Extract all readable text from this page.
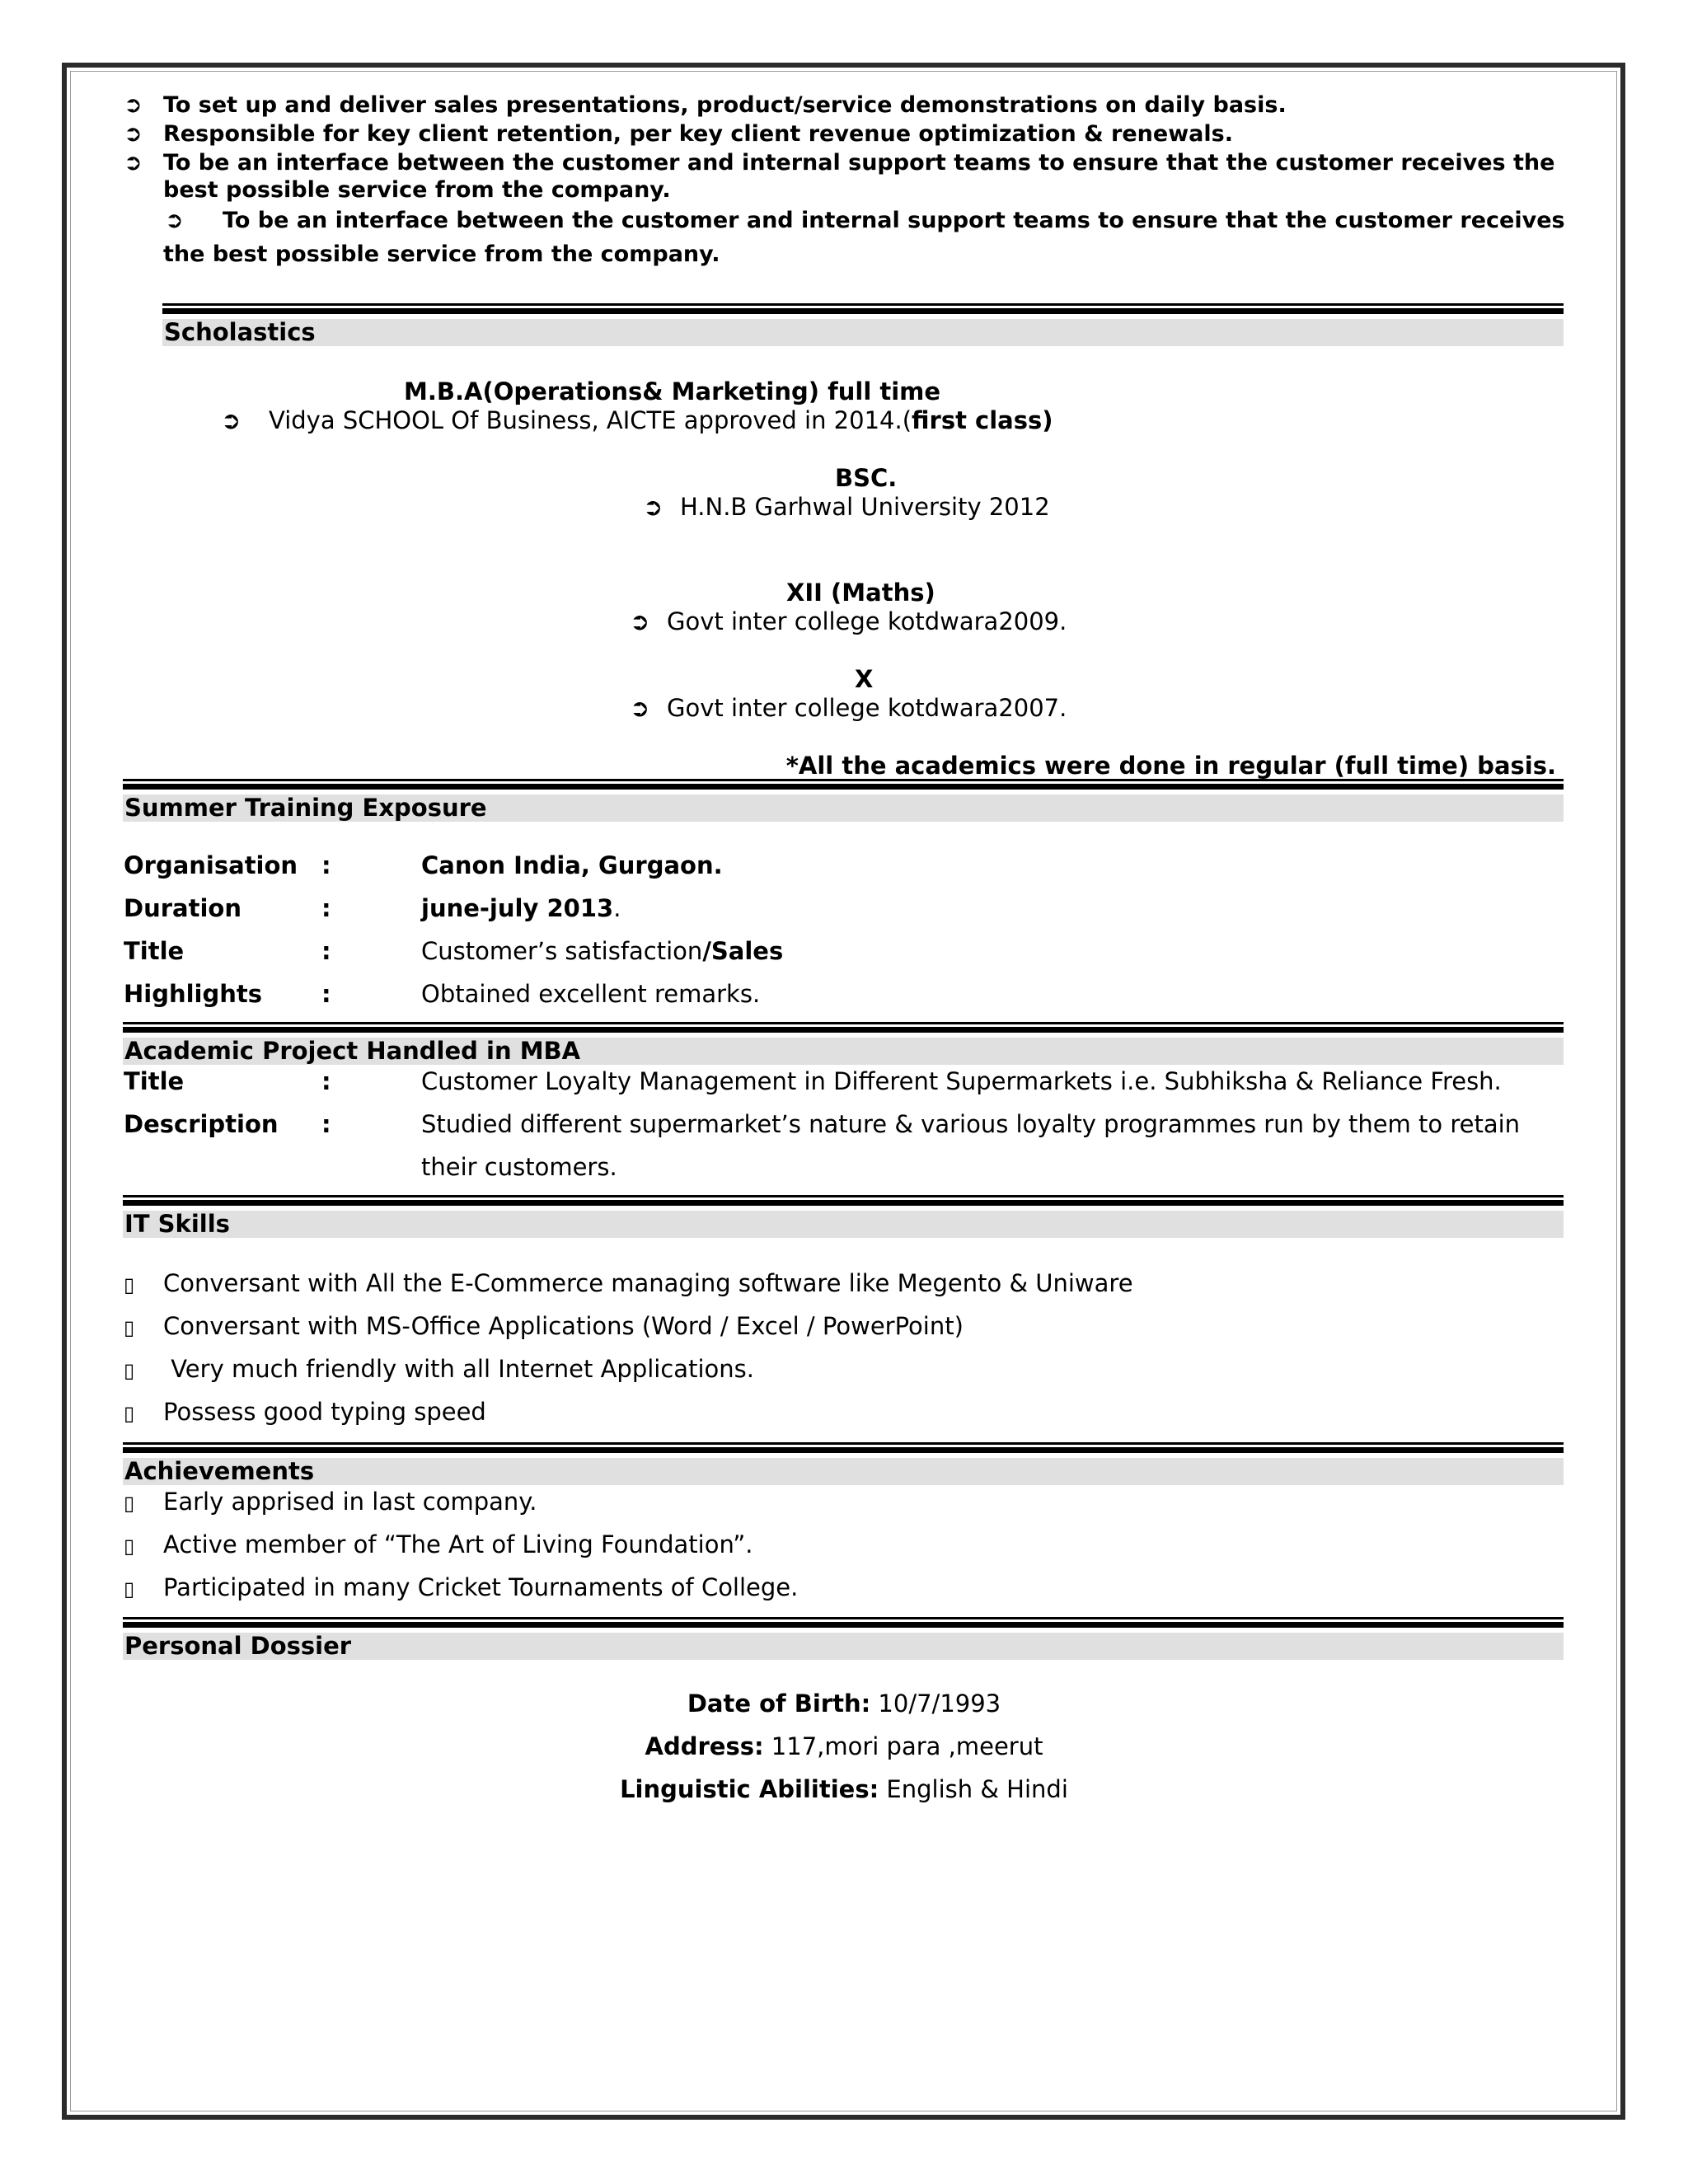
➲ To set up and deliver sales presentations, product/service demonstrations on daily basis.
➲ Responsible for key client retention, per key client revenue optimization & renewals.
➲ To be an interface between the customer and internal support teams to ensure that the customer receives the
best possible service from the company.
➲ To be an interface between the customer and internal support teams to ensure that the customer receives
the best possible service from the company.
Scholastics
M.B.A(Operations& Marketing) full time
➲ Vidya SCHOOL Of Business, AICTE approved in 2014.(first class)
BSC.
➲ H.N.B Garhwal University 2012
XII (Maths)
➲ Govt inter college kotdwara2009.
X
➲ Govt inter college kotdwara2007.
*All the academics were done in regular (full time) basis.
Summer Training Exposure
Organisation :	Canon India, Gurgaon.
Duration	:	june-july 2013.
Title	:	Customer’s satisfaction/Sales
Highlights :	Obtained excellent remarks.
Academic Project Handled in MBA
Title	:	Customer Loyalty Management in Different Supermarkets i.e. Subhiksha & Reliance Fresh.
Description :	Studied different supermarket’s nature & various loyalty programmes run by them to retain
their customers.
IT Skills
▯ Conversant with All the E-Commerce managing software like Megento & Uniware
▯ Conversant with MS-Office Applications (Word / Excel / PowerPoint)
▯ Very much friendly with all Internet Applications.
▯ Possess good typing speed
Achievements
▯ Early apprised in last company.
▯ Active member of “The Art of Living Foundation”.
▯ Participated in many Cricket Tournaments of College.
Personal Dossier
Date of Birth: 10/7/1993
Address: 117,mori para ,meerut
Linguistic Abilities: English & Hindi
